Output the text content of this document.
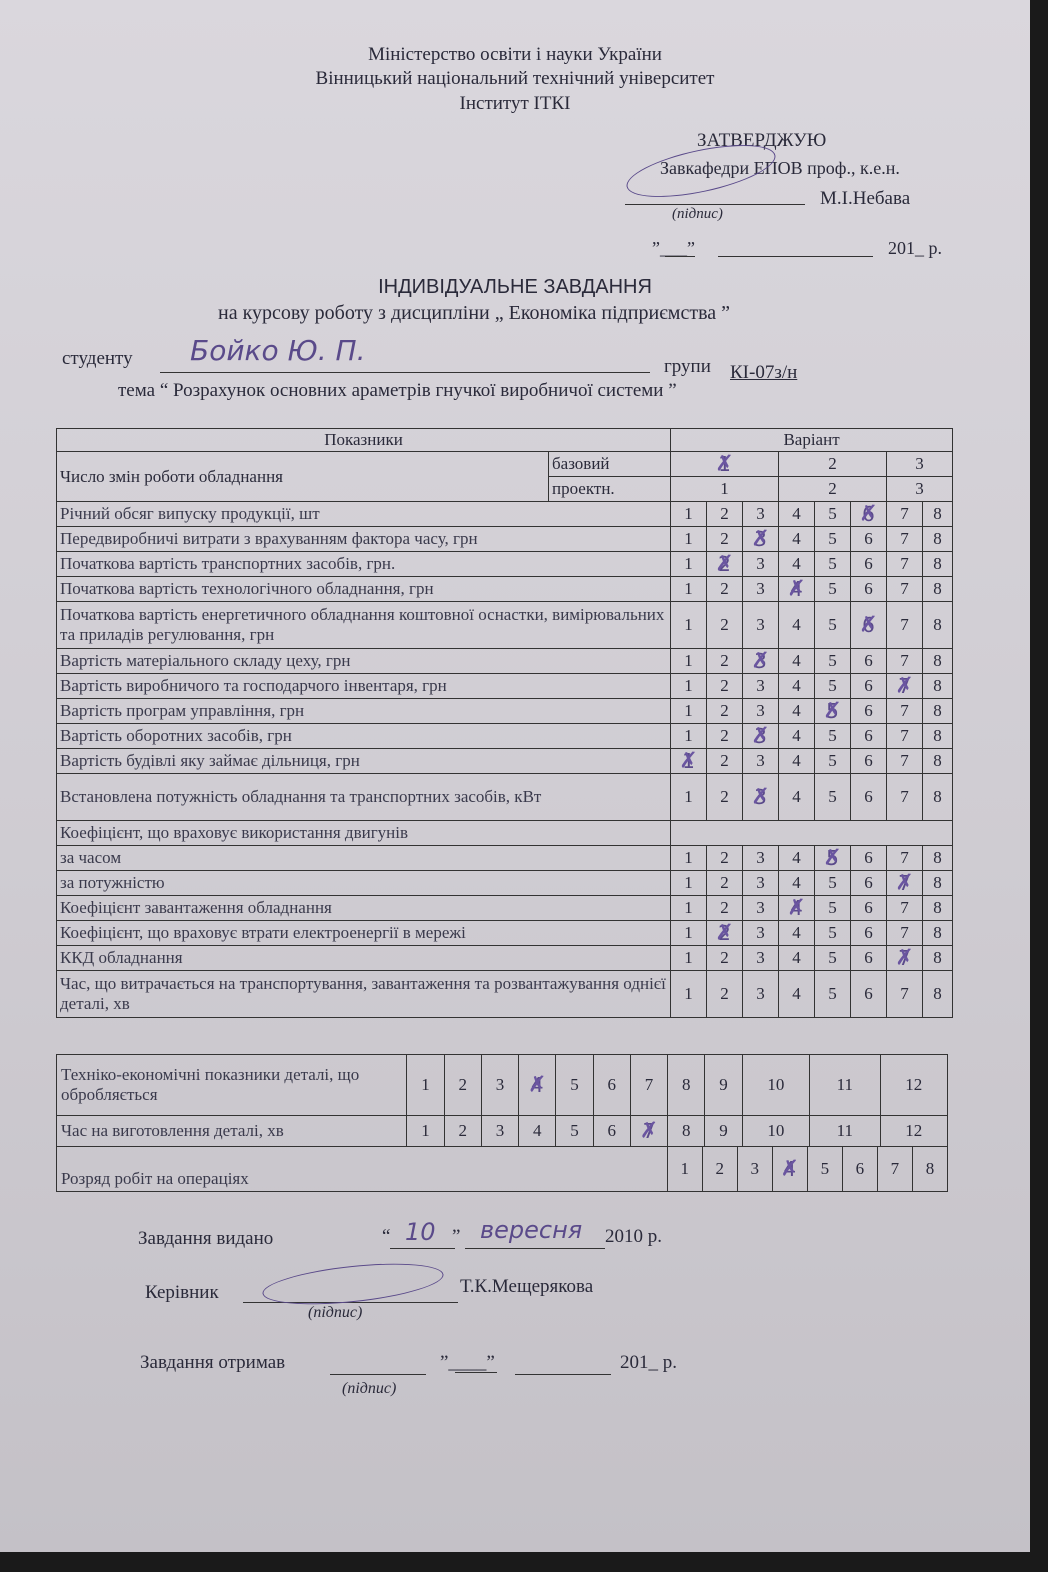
Міністерство освіти і науки України
Вінницький національний технічний університет
Інститут ІТКІ
ЗАТВЕРДЖУЮ
Завкафедри ЕПОВ проф., к.е.н.
М.І.Небава
(підпис)
”___”	201_ р.
ІНДИВІДУАЛЬНЕ ЗАВДАННЯ
на курсову роботу з дисципліни „ Економіка підприємства ”
студенту Бойко Ю. П.	групи КІ-07з/н
тема “ Розрахунок основних араметрів гнучкої виробничої системи ”
Показники		Варіант							
Число змін роботи обладнання	базовий	1 ✗			2			3	
	проектн.	1			2			3	
Річний обсяг випуску продукції, шт		1	2	3	4	5	6 ✗	7	8
Передвиробничі витрати з врахуванням фактора часу, грн		1	2	3 ✗	4	5	6	7	8
Початкова вартість транспортних засобів, грн.		1	2 ✗	3	4	5	6	7	8
Початкова вартість технологічного обладнання, грн		1	2	3	4 ✗	5	6	7	8
Початкова вартість енергетичного обладнання коштовної оснастки, вимірювальних та приладів регулювання, грн		1	2	3	4	5	6 ✗	7	8
Вартість матеріального складу цеху, грн		1	2	3 ✗	4	5	6	7	8
Вартість виробничого та господарчого інвентаря, грн		1	2	3	4	5	6	7 ✗	8
Вартість програм управління, грн		1	2	3	4	5 ✗	6	7	8
Вартість оборотних засобів, грн		1	2	3 ✗	4	5	6	7	8
Вартість будівлі яку займає дільниця, грн		1 ✗	2	3	4	5	6	7	8
Встановлена потужність обладнання та транспортних засобів, кВт		1	2	3 ✗	4	5	6	7	8
Коефіцієнт, що враховує використання двигунів									
за часом		1	2	3	4	5 ✗	6	7	8
за потужністю		1	2	3	4	5	6	7 ✗	8
Коефіцієнт завантаження обладнання		1	2	3	4 ✗	5	6	7	8
Коефіцієнт, що враховує втрати електроенергії в мережі		1	2 ✗	3	4	5	6	7	8
ККД обладнання		1	2	3	4	5	6	7 ✗	8
Час, що витрачається на транспортування, завантаження та розвантажування однієї деталі, хв		1	2	3	4	5	6	7	8
Техніко-економічні показники деталі, що обробляється	1	2	3	4 ✗	5	6	7	8	9	10	11	12
Час на виготовлення деталі, хв	1	2	3	4	5	6	7 ✗	8	9	10	11	12
Розряд робіт на операціях	1	2	3	4 ✗	5	6	7	8
Завдання видано	“ 10 ” вересня 2010 р.
Керівник	Т.К.Мещерякова
(підпис)
Завдання отримав	”____”	201_ р.
(підпис)
